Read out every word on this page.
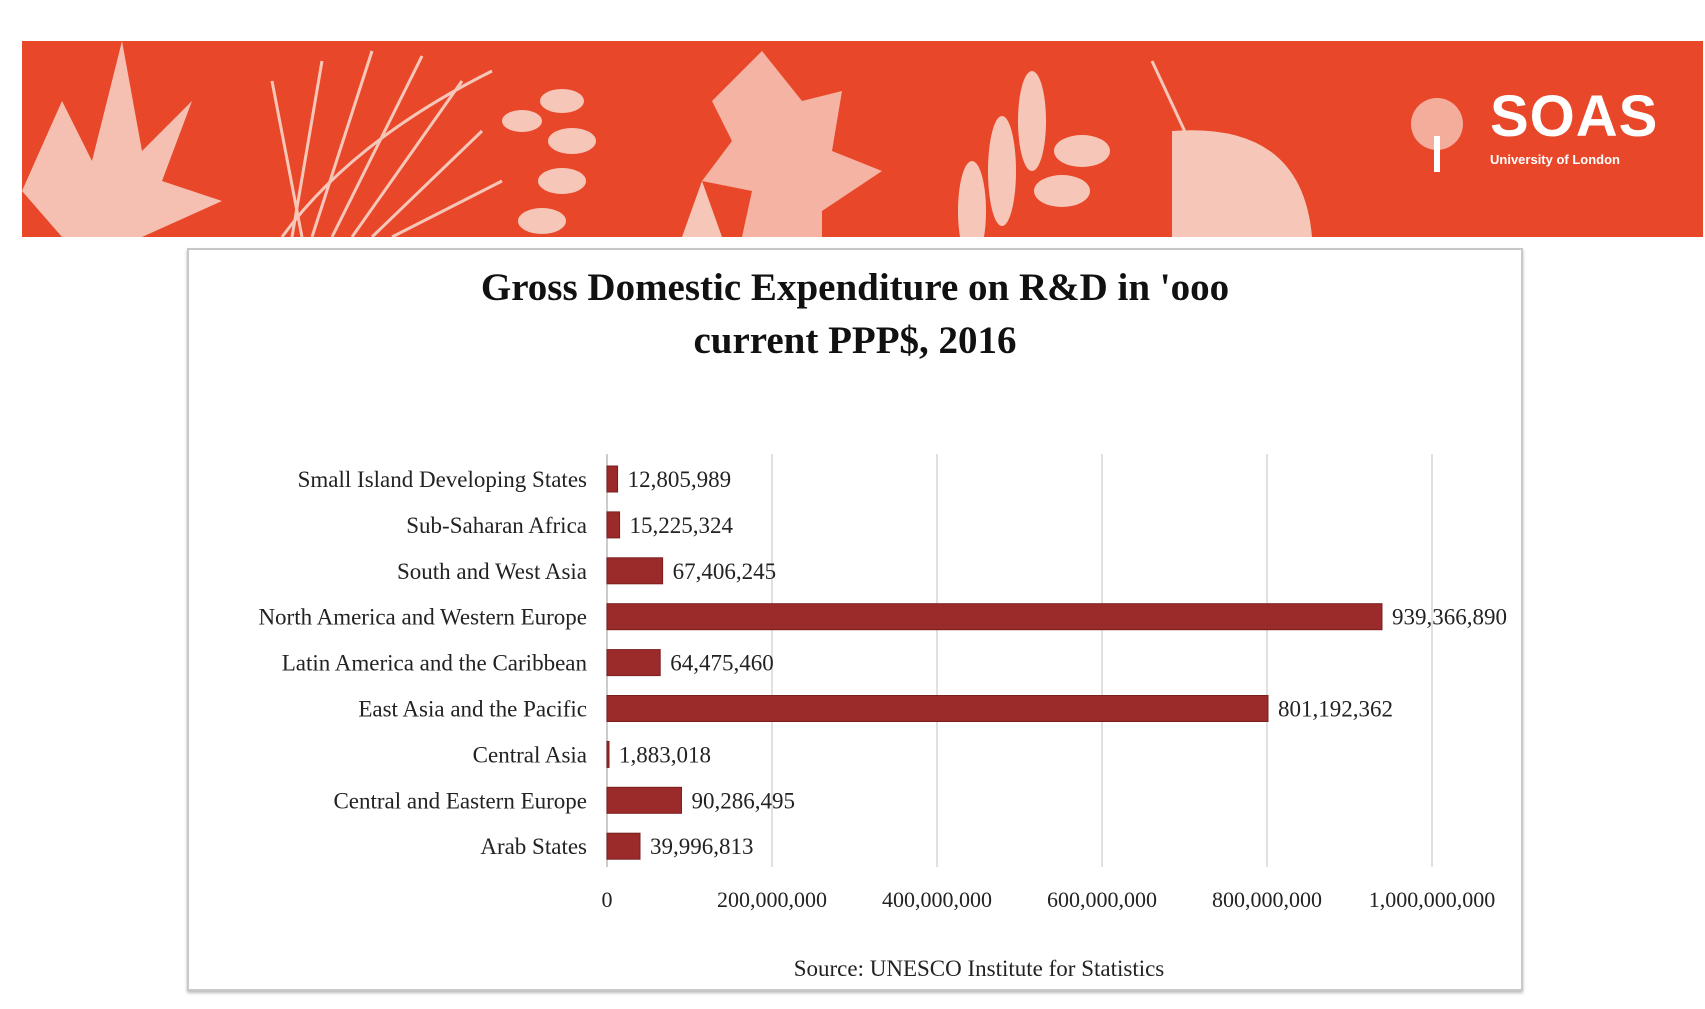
SOAS
University of London
Gross Domestic Expenditure on R&D in 'ooo
current PPP$, 2016
Small Island Developing States 12,805,989
Sub-Saharan Africa 15,225,324
South and West Asia	67,406,245
North America and Western Europe	939,366,890
Latin America and the Caribbean	64,475,460
East Asia and the Pacific	801,192,362
Central Asia 1,883,018
Central and Eastern Europe	90,286,495
Arab States	39,996,813
0	200,000,000	400,000,000	600,000,000	800,000,000 1,000,000,000
Source: UNESCO Institute for Statistics
